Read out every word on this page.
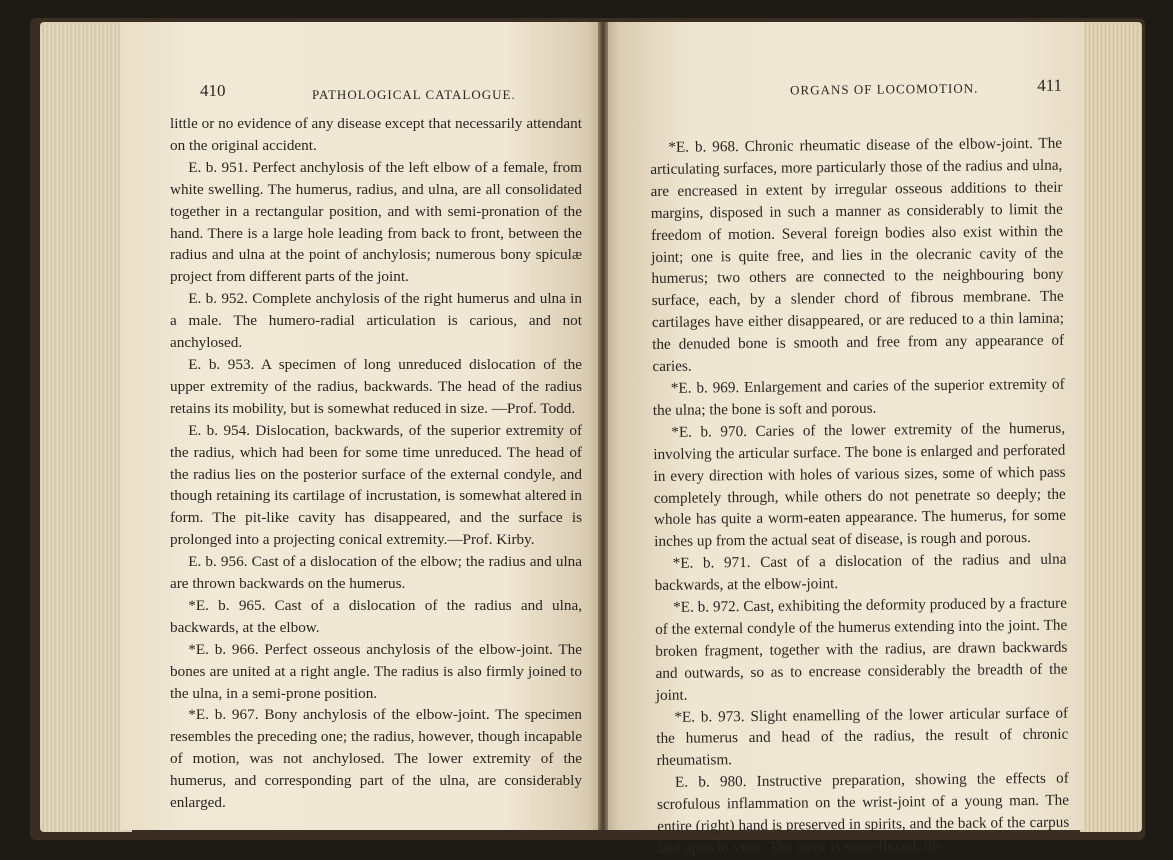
410	PATHOLOGICAL CATALOGUE.	ORGANS OF LOCOMOTION.	411

little or no evidence of any disease except that necessarily attendant on the original accident.

E. b. 951. Perfect anchylosis of the left elbow of a female, from white swelling. The humerus, radius, and ulna, are all consolidated together in a rectangular position, and with semi-pronation of the hand. There is a large hole leading from back to front, between the radius and ulna at the point of anchylosis; numerous bony spiculæ project from different parts of the joint.

E. b. 952. Complete anchylosis of the right humerus and ulna in a male. The humero-radial articulation is carious, and not anchylosed.

E. b. 953. A specimen of long unreduced dislocation of the upper extremity of the radius, backwards. The head of the radius retains its mobility, but is somewhat reduced in size. —Prof. Todd.

E. b. 954. Dislocation, backwards, of the superior extremity of the radius, which had been for some time unreduced. The head of the radius lies on the posterior surface of the external condyle, and though retaining its cartilage of incrustation, is somewhat altered in form. The pit-like cavity has disappeared, and the surface is prolonged into a projecting conical extremity.—Prof. Kirby.

E. b. 956. Cast of a dislocation of the elbow; the radius and ulna are thrown backwards on the humerus.

*E. b. 965. Cast of a dislocation of the radius and ulna, backwards, at the elbow.

*E. b. 966. Perfect osseous anchylosis of the elbow-joint. The bones are united at a right angle. The radius is also firmly joined to the ulna, in a semi-prone position.

*E. b. 967. Bony anchylosis of the elbow-joint. The specimen resembles the preceding one; the radius, however, though incapable of motion, was not anchylosed. The lower extremity of the humerus, and corresponding part of the ulna, are considerably enlarged.

*E. b. 968. Chronic rheumatic disease of the elbow-joint. The articulating surfaces, more particularly those of the radius and ulna, are encreased in extent by irregular osseous additions to their margins, disposed in such a manner as considerably to limit the freedom of motion. Several foreign bodies also exist within the joint; one is quite free, and lies in the olecranic cavity of the humerus; two others are connected to the neighbouring bony surface, each, by a slender chord of fibrous membrane. The cartilages have either disappeared, or are reduced to a thin lamina; the denuded bone is smooth and free from any appearance of caries.

*E. b. 969. Enlargement and caries of the superior extremity of the ulna; the bone is soft and porous.

*E. b. 970. Caries of the lower extremity of the humerus, involving the articular surface. The bone is enlarged and perforated in every direction with holes of various sizes, some of which pass completely through, while others do not penetrate so deeply; the whole has quite a worm-eaten appearance. The humerus, for some inches up from the actual seat of disease, is rough and porous.

*E. b. 971. Cast of a dislocation of the radius and ulna backwards, at the elbow-joint.

*E. b. 972. Cast, exhibiting the deformity produced by a fracture of the external condyle of the humerus extending into the joint. The broken fragment, together with the radius, are drawn backwards and outwards, so as to encrease considerably the breadth of the joint.

*E. b. 973. Slight enamelling of the lower articular surface of the humerus and head of the radius, the result of chronic rheumatism.

E. b. 980. Instructive preparation, showing the effects of scrofulous inflammation on the wrist-joint of a young man. The entire (right) hand is preserved in spirits, and the back of the carpus laid open to view. The wrist is semi-flexed; the
